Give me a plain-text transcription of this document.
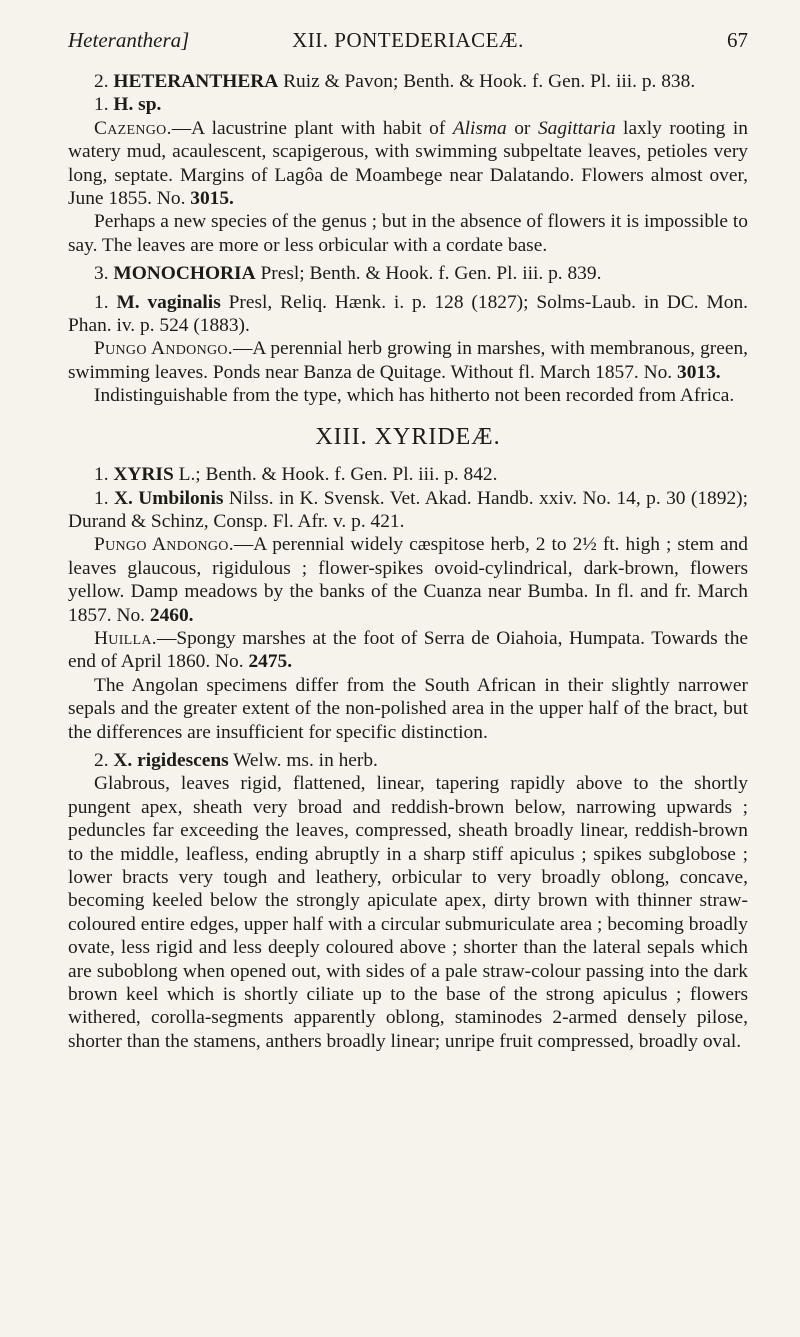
Heteranthera]	XII. PONTEDERIACEÆ.	67

2. HETERANTHERA Ruiz & Pavon; Benth. & Hook. f. Gen. Pl. iii. p. 838.

1. H. sp.

Cazengo.—A lacustrine plant with habit of Alisma or Sagittaria laxly rooting in watery mud, acaulescent, scapigerous, with swimming subpeltate leaves, petioles very long, septate. Margins of Lagôa de Moambege near Dalatando. Flowers almost over, June 1855. No. 3015.

Perhaps a new species of the genus ; but in the absence of flowers it is impossible to say. The leaves are more or less orbicular with a cordate base.

3. MONOCHORIA Presl; Benth. & Hook. f. Gen. Pl. iii. p. 839.

1. M. vaginalis Presl, Reliq. Hænk. i. p. 128 (1827); Solms-Laub. in DC. Mon. Phan. iv. p. 524 (1883).

Pungo Andongo.—A perennial herb growing in marshes, with membranous, green, swimming leaves. Ponds near Banza de Quitage. Without fl. March 1857. No. 3013.

Indistinguishable from the type, which has hitherto not been recorded from Africa.

XIII. XYRIDEÆ.

1. XYRIS L.; Benth. & Hook. f. Gen. Pl. iii. p. 842.

1. X. Umbilonis Nilss. in K. Svensk. Vet. Akad. Handb. xxiv. No. 14, p. 30 (1892); Durand & Schinz, Consp. Fl. Afr. v. p. 421.

Pungo Andongo.—A perennial widely cæspitose herb, 2 to 2½ ft. high ; stem and leaves glaucous, rigidulous ; flower-spikes ovoid-cylindrical, dark-brown, flowers yellow. Damp meadows by the banks of the Cuanza near Bumba. In fl. and fr. March 1857. No. 2460.

Huilla.—Spongy marshes at the foot of Serra de Oiahoia, Humpata. Towards the end of April 1860. No. 2475.

The Angolan specimens differ from the South African in their slightly narrower sepals and the greater extent of the non-polished area in the upper half of the bract, but the differences are insufficient for specific distinction.

2. X. rigidescens Welw. ms. in herb.

Glabrous, leaves rigid, flattened, linear, tapering rapidly above to the shortly pungent apex, sheath very broad and reddish-brown below, narrowing upwards ; peduncles far exceeding the leaves, compressed, sheath broadly linear, reddish-brown to the middle, leafless, ending abruptly in a sharp stiff apiculus ; spikes subglobose ; lower bracts very tough and leathery, orbicular to very broadly oblong, concave, becoming keeled below the strongly apiculate apex, dirty brown with thinner straw-coloured entire edges, upper half with a circular submuriculate area ; becoming broadly ovate, less rigid and less deeply coloured above ; shorter than the lateral sepals which are suboblong when opened out, with sides of a pale straw-colour passing into the dark brown keel which is shortly ciliate up to the base of the strong apiculus ; flowers withered, corolla-segments apparently oblong, staminodes 2-armed densely pilose, shorter than the stamens, anthers broadly linear; unripe fruit compressed, broadly oval.
